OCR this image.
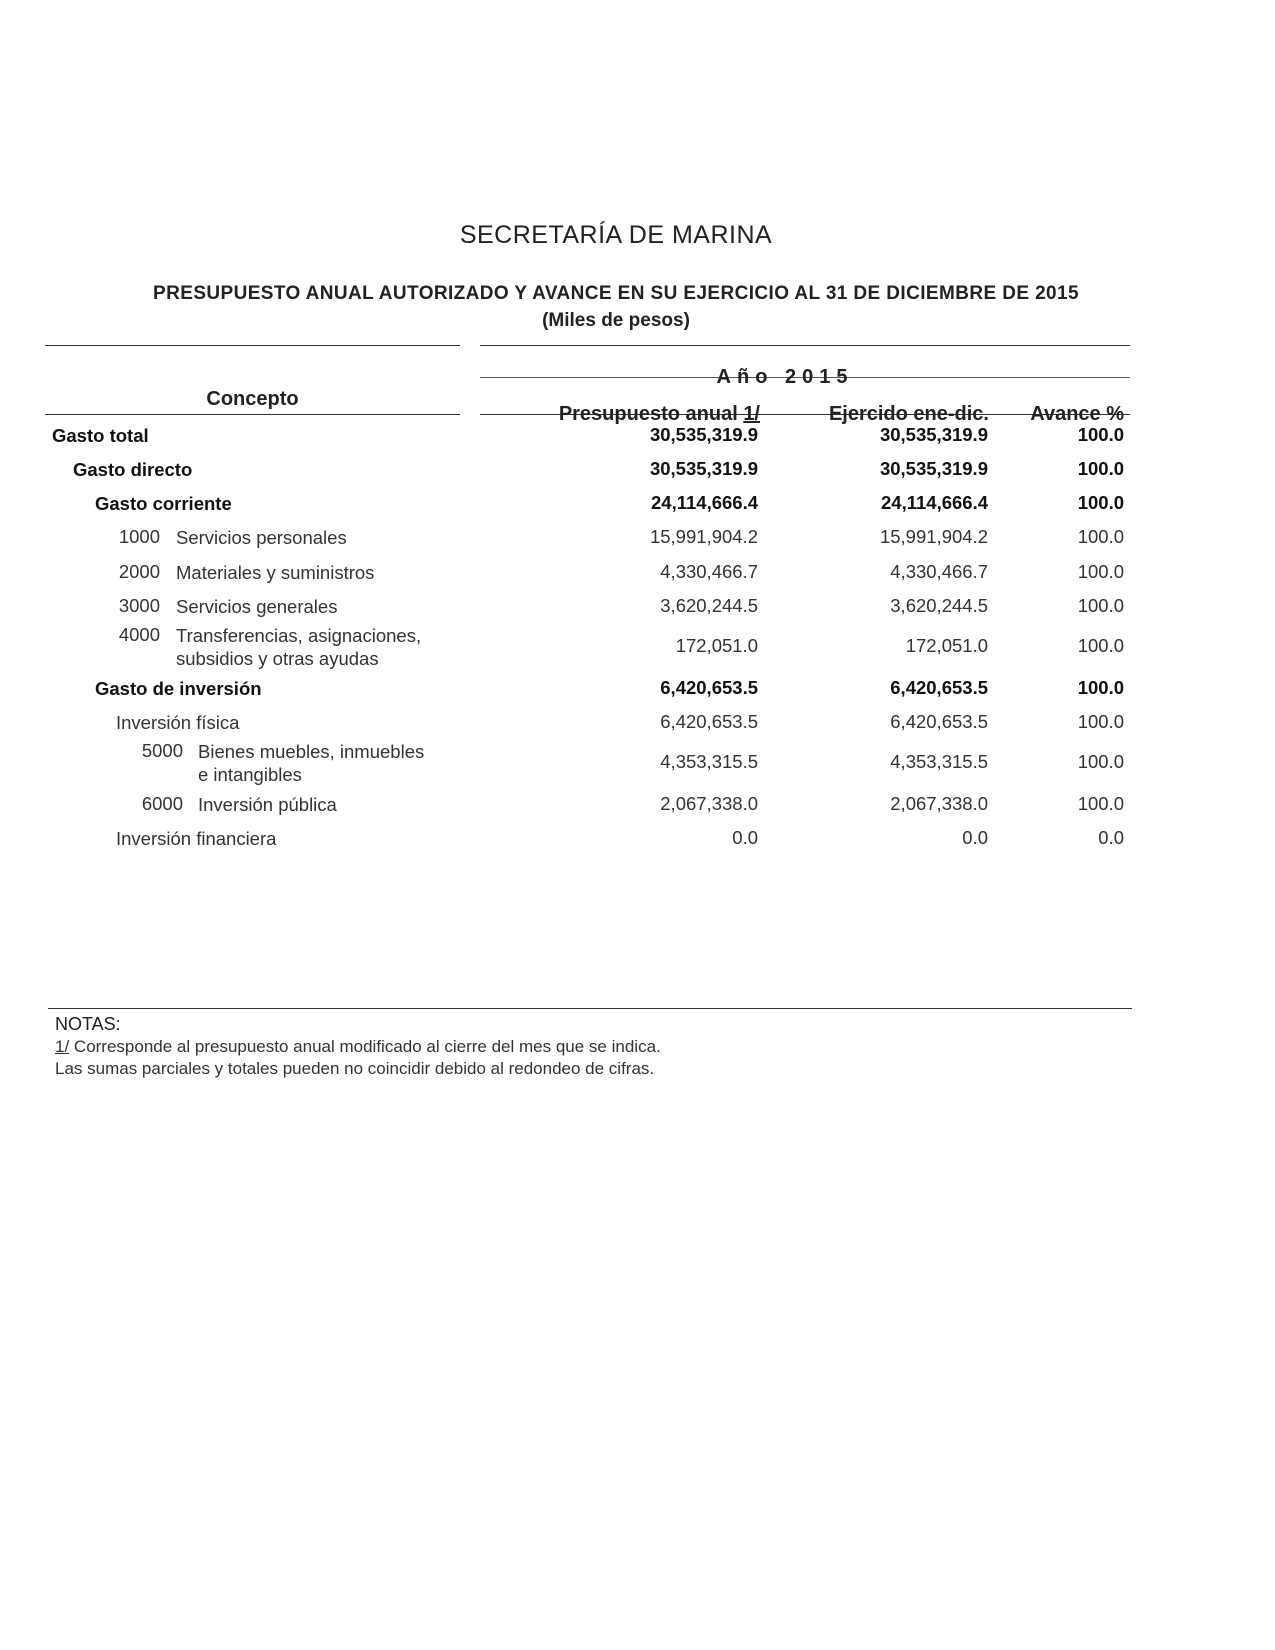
SECRETARÍA DE MARINA
PRESUPUESTO ANUAL AUTORIZADO Y AVANCE EN SU EJERCICIO AL 31 DE DICIEMBRE DE 2015
(Miles de pesos)
Concepto
Año 2015
Presupuesto anual 1/	Ejercido ene-dic.	Avance %
Gasto total	30,535,319.9	30,535,319.9	100.0
Gasto directo	30,535,319.9	30,535,319.9	100.0
Gasto corriente	24,114,666.4	24,114,666.4	100.0
1000 Servicios personales	15,991,904.2	15,991,904.2	100.0
2000 Materiales y suministros	4,330,466.7	4,330,466.7	100.0
3000 Servicios generales	3,620,244.5	3,620,244.5	100.0
4000 Transferencias, asignaciones,
subsidios y otras ayudas
172,051.0	172,051.0	100.0
Gasto de inversión	6,420,653.5	6,420,653.5	100.0
Inversión física	6,420,653.5	6,420,653.5	100.0
5000 Bienes muebles, inmuebles
e intangibles
4,353,315.5	4,353,315.5	100.0
6000 Inversión pública	2,067,338.0	2,067,338.0	100.0
Inversión financiera	0.0	0.0	0.0
NOTAS:
1/ Corresponde al presupuesto anual modificado al cierre del mes que se indica.
Las sumas parciales y totales pueden no coincidir debido al redondeo de cifras.
